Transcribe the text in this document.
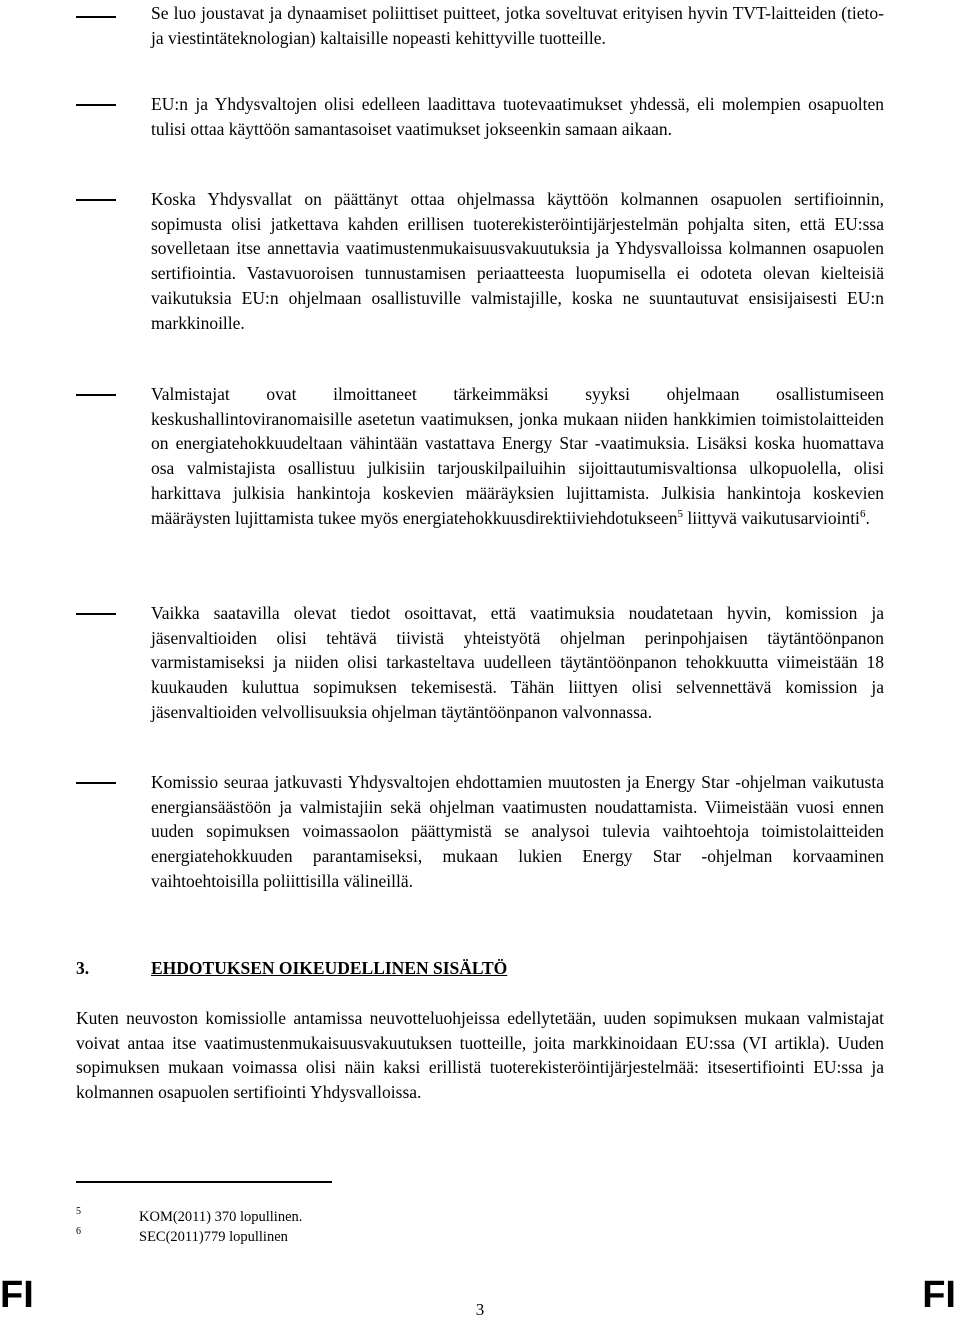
Se luo joustavat ja dynaamiset poliittiset puitteet, jotka soveltuvat erityisen hyvin TVT-laitteiden (tieto- ja viestintäteknologian) kaltaisille nopeasti kehittyville tuotteille.
EU:n ja Yhdysvaltojen olisi edelleen laadittava tuotevaatimukset yhdessä, eli molempien osapuolten tulisi ottaa käyttöön samantasoiset vaatimukset jokseenkin samaan aikaan.
Koska Yhdysvallat on päättänyt ottaa ohjelmassa käyttöön kolmannen osapuolen sertifioinnin, sopimusta olisi jatkettava kahden erillisen tuoterekisteröintijärjestelmän pohjalta siten, että EU:ssa sovelletaan itse annettavia vaatimustenmukaisuusvakuutuksia ja Yhdysvalloissa kolmannen osapuolen sertifiointia. Vastavuoroisen tunnustamisen periaatteesta luopumisella ei odoteta olevan kielteisiä vaikutuksia EU:n ohjelmaan osallistuville valmistajille, koska ne suuntautuvat ensisijaisesti EU:n markkinoille.
Valmistajat ovat ilmoittaneet tärkeimmäksi syyksi ohjelmaan osallistumiseen keskushallintoviranomaisille asetetun vaatimuksen, jonka mukaan niiden hankkimien toimistolaitteiden on energiatehokkuudeltaan vähintään vastattava Energy Star -vaatimuksia. Lisäksi koska huomattava osa valmistajista osallistuu julkisiin tarjouskilpailuihin sijoittautumisvaltionsa ulkopuolella, olisi harkittava julkisia hankintoja koskevien määräyksien lujittamista. Julkisia hankintoja koskevien määräysten lujittamista tukee myös energiatehokkuusdirektiiviehdotukseen$^5$ liittyvä vaikutusarviointi$^6$.
Vaikka saatavilla olevat tiedot osoittavat, että vaatimuksia noudatetaan hyvin, komission ja jäsenvaltioiden olisi tehtävä tiivistä yhteistyötä ohjelman perinpohjaisen täytäntöönpanon varmistamiseksi ja niiden olisi tarkasteltava uudelleen täytäntöönpanon tehokkuutta viimeistään 18 kuukauden kuluttua sopimuksen tekemisestä. Tähän liittyen olisi selvennettävä komission ja jäsenvaltioiden velvollisuuksia ohjelman täytäntöönpanon valvonnassa.
Komissio seuraa jatkuvasti Yhdysvaltojen ehdottamien muutosten ja Energy Star -ohjelman vaikutusta energiansäästöön ja valmistajiin sekä ohjelman vaatimusten noudattamista. Viimeistään vuosi ennen uuden sopimuksen voimassaolon päättymistä se analysoi tulevia vaihtoehtoja toimistolaitteiden energiatehokkuuden parantamiseksi, mukaan lukien Energy Star -ohjelman korvaaminen vaihtoehtoisilla poliittisilla välineillä.
3.	EHDOTUKSEN OIKEUDELLINEN SISÄLTÖ
Kuten neuvoston komissiolle antamissa neuvotteluohjeissa edellytetään, uuden sopimuksen mukaan valmistajat voivat antaa itse vaatimustenmukaisuusvakuutuksen tuotteille, joita markkinoidaan EU:ssa (VI artikla). Uuden sopimuksen mukaan voimassa olisi näin kaksi erillistä tuoterekisteröintijärjestelmää: itsesertifiointi EU:ssa ja kolmannen osapuolen sertifiointi Yhdysvalloissa.
5	KOM(2011) 370 lopullinen.
6	SEC(2011)779 lopullinen
FI	3	FI
